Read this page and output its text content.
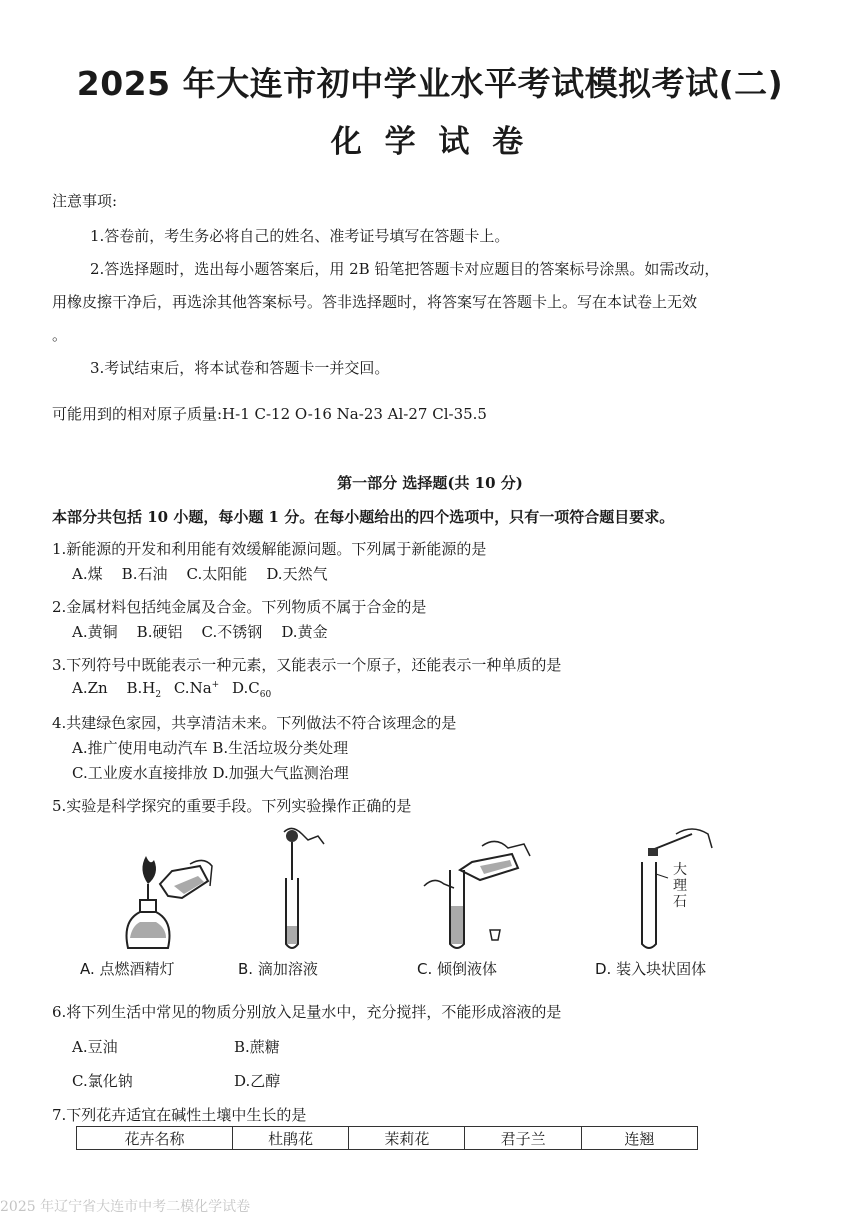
2025 年大连市初中学业水平考试模拟考试(二)
化 学 试 卷
注意事项:
1.答卷前，考生务必将自己的姓名、准考证号填写在答题卡上。
2.答选择题时，选出每小题答案后，用 2B 铅笔把答题卡对应题目的答案标号涂黑。如需改动，
用橡皮擦干净后，再选涂其他答案标号。答非选择题时，将答案写在答题卡上。写在本试卷上无效
。
3.考试结束后，将本试卷和答题卡一并交回。
可能用到的相对原子质量:H-1 C-12 O-16 Na-23 Al-27 Cl-35.5
第一部分 选择题(共 10 分)
本部分共包括 10 小题，每小题 1 分。在每小题给出的四个选项中，只有一项符合题目要求。
1.新能源的开发和利用能有效缓解能源问题。下列属于新能源的是
A.煤    B.石油    C.太阳能    D.天然气
2.金属材料包括纯金属及合金。下列物质不属于合金的是
A.黄铜    B.硬铝    C.不锈钢    D.黄金
3.下列符号中既能表示一种元素，又能表示一个原子，还能表示一种单质的是
A.Zn $B.H_2$ C.Na+ $D.C_{60}$
4.共建绿色家园，共享清洁未来。下列做法不符合该理念的是
A.推广使用电动汽车 B.生活垃圾分类处理
C.工业废水直接排放 D.加强大气监测治理
5.实验是科学探究的重要手段。下列实验操作正确的是
大
理
石
A. 点燃酒精灯	B. 滴加溶液	C. 倾倒液体	D. 装入块状固体
6.将下列生活中常见的物质分别放入足量水中，充分搅拌，不能形成溶液的是
A.豆油	B.蔗糖
C.氯化钠	D.乙醇
7.下列花卉适宜在碱性土壤中生长的是
花卉名称	杜鹃花	茉莉花	君子兰	连翘
2025 年辽宁省大连市中考二模化学试卷
